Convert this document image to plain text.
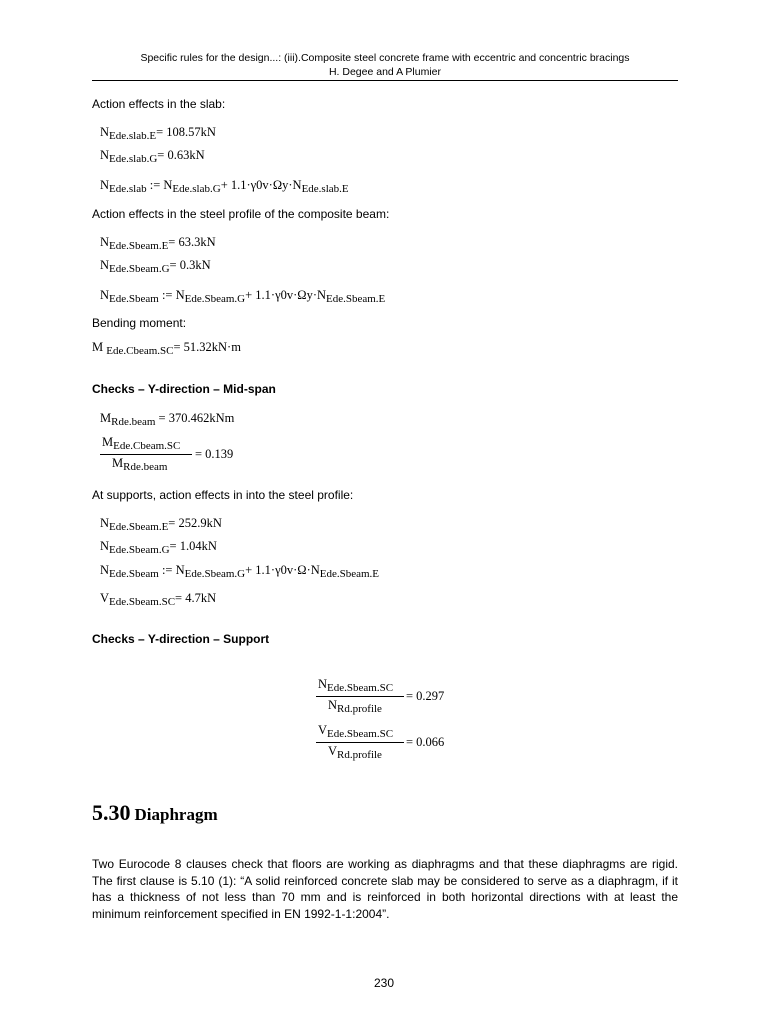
Specific rules for the design...: (iii).Composite steel concrete frame with eccentric and concentric bracings
H. Degee and A Plumier
Action effects in the slab:
NEde.slab.E= 108.57kN
NEde.slab.G= 0.63kN
NEde.slab := NEde.slab.G+ 1.1·γ0v·Ωy·NEde.slab.E
Action effects in the steel profile of the composite beam:
NEde.Sbeam.E= 63.3kN
NEde.Sbeam.G= 0.3kN
NEde.Sbeam := NEde.Sbeam.G+ 1.1·γ0v·Ωy·NEde.Sbeam.E
Bending moment:
M Ede.Cbeam.SC= 51.32kN·m
Checks – Y-direction – Mid-span
MRde.beam = 370.462kNm
MEde.Cbeam.SC
MRde.beam
= 0.139
At supports, action effects in into the steel profile:
NEde.Sbeam.E= 252.9kN
NEde.Sbeam.G= 1.04kN
NEde.Sbeam := NEde.Sbeam.G+ 1.1·γ0v·Ω·NEde.Sbeam.E
VEde.Sbeam.SC= 4.7kN
Checks – Y-direction – Support
NEde.Sbeam.SC
NRd.profile
= 0.297
VEde.Sbeam.SC
VRd.profile
= 0.066
5.30 Diaphragm
Two Eurocode 8 clauses check that floors are working as diaphragms and that these diaphragms are rigid. The first clause is 5.10 (1): “A solid reinforced concrete slab may be considered to serve as a diaphragm, if it has a thickness of not less than 70 mm and is reinforced in both horizontal directions with at least the minimum reinforcement specified in EN 1992-1-1:2004”.
230
